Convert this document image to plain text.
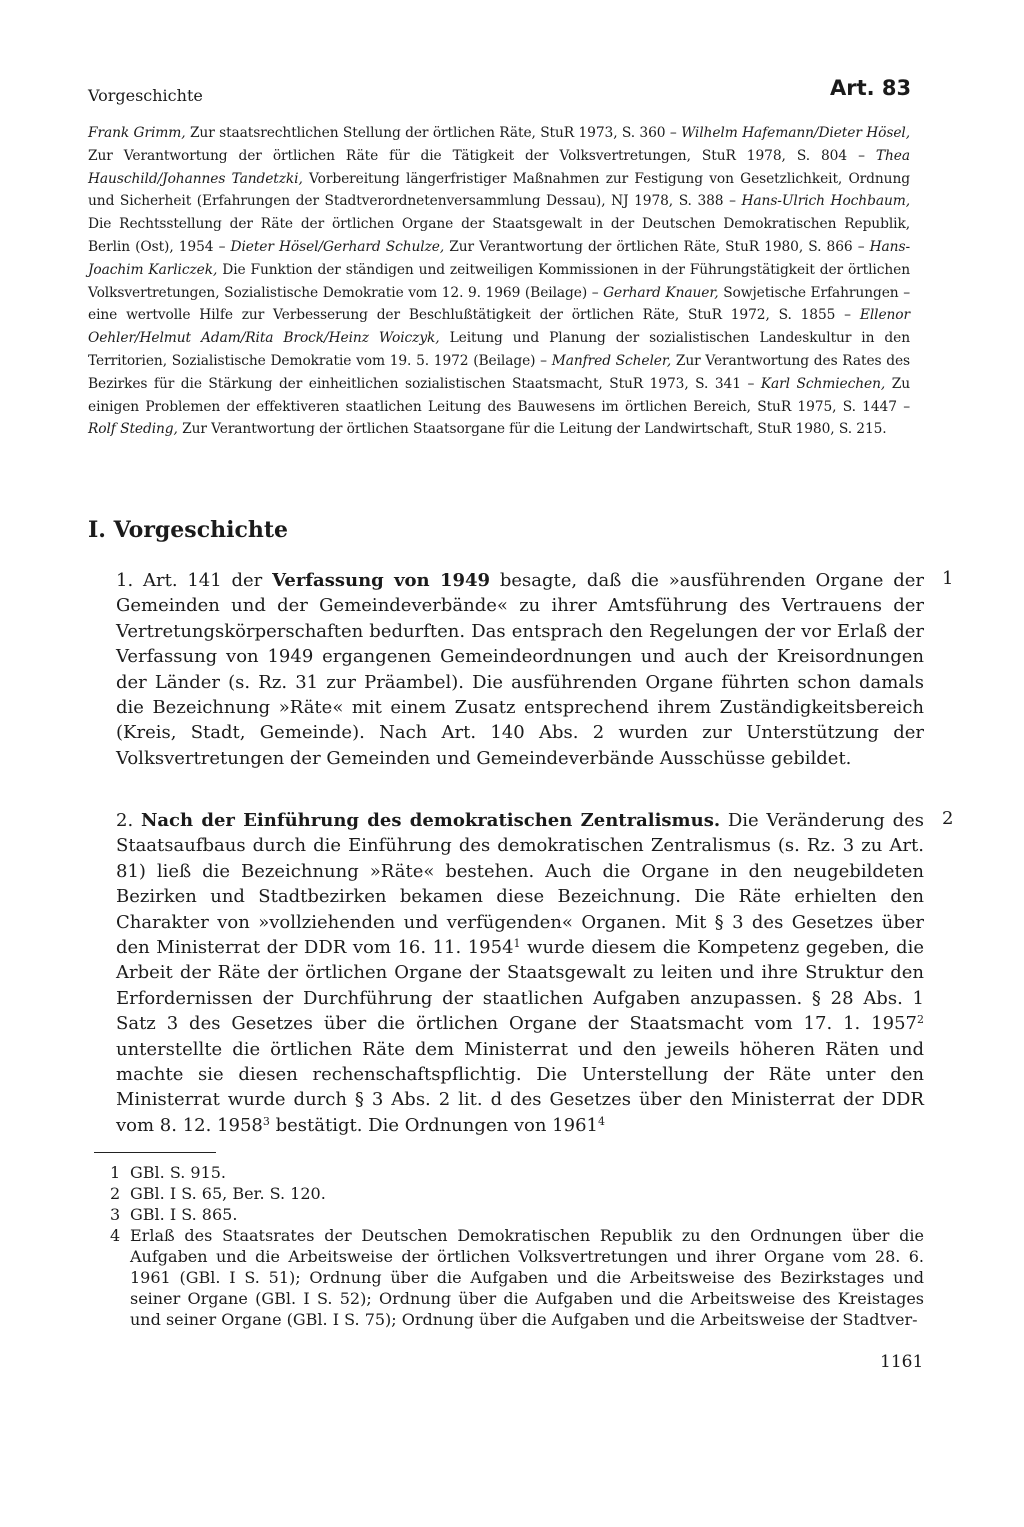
Vorgeschichte	Art. 83
Frank Grimm, Zur staatsrechtlichen Stellung der örtlichen Räte, StuR 1973, S. 360 – Wilhelm Hafemann/Dieter Hösel, Zur Verantwortung der örtlichen Räte für die Tätigkeit der Volksvertretungen, StuR 1978, S. 804 – Thea Hauschild/Johannes Tandetzki, Vorbereitung längerfristiger Maßnahmen zur Festigung von Gesetzlichkeit, Ordnung und Sicherheit (Erfahrungen der Stadtverordnetenversammlung Dessau), NJ 1978, S. 388 – Hans-Ulrich Hochbaum, Die Rechtsstellung der Räte der örtlichen Organe der Staatsgewalt in der Deutschen Demokratischen Republik, Berlin (Ost), 1954 – Dieter Hösel/Gerhard Schulze, Zur Verantwortung der örtlichen Räte, StuR 1980, S. 866 – Hans-Joachim Karliczek, Die Funktion der ständigen und zeitweiligen Kommissionen in der Führungstätigkeit der örtlichen Volksvertretungen, Sozialistische Demokratie vom 12. 9. 1969 (Beilage) – Gerhard Knauer, Sowjetische Erfahrungen – eine wertvolle Hilfe zur Verbesserung der Beschlußtätigkeit der örtlichen Räte, StuR 1972, S. 1855 – Ellenor Oehler/Helmut Adam/Rita Brock/Heinz Woiczyk, Leitung und Planung der sozialistischen Landeskultur in den Territorien, Sozialistische Demokratie vom 19. 5. 1972 (Beilage) – Manfred Scheler, Zur Verantwortung des Rates des Bezirkes für die Stärkung der einheitlichen sozialistischen Staatsmacht, StuR 1973, S. 341 – Karl Schmiechen, Zu einigen Problemen der effektiveren staatlichen Leitung des Bauwesens im örtlichen Bereich, StuR 1975, S. 1447 – Rolf Steding, Zur Verantwortung der örtlichen Staatsorgane für die Leitung der Landwirtschaft, StuR 1980, S. 215.
I. Vorgeschichte
1. Art. 141 der Verfassung von 1949 besagte, daß die »ausführenden Organe der Gemeinden und der Gemeindeverbände« zu ihrer Amtsführung des Vertrauens der Vertretungskörperschaften bedurften. Das entsprach den Regelungen der vor Erlaß der Verfassung von 1949 ergangenen Gemeindeordnungen und auch der Kreisordnungen der Länder (s. Rz. 31 zur Präambel). Die ausführenden Organe führten schon damals die Bezeichnung »Räte« mit einem Zusatz entsprechend ihrem Zuständigkeitsbereich (Kreis, Stadt, Gemeinde). Nach Art. 140 Abs. 2 wurden zur Unterstützung der Volksvertretungen der Gemeinden und Gemeindeverbände Ausschüsse gebildet.
1
2. Nach der Einführung des demokratischen Zentralismus. Die Veränderung des Staatsaufbaus durch die Einführung des demokratischen Zentralismus (s. Rz. 3 zu Art. 81) ließ die Bezeichnung »Räte« bestehen. Auch die Organe in den neugebildeten Bezirken und Stadtbezirken bekamen diese Bezeichnung. Die Räte erhielten den Charakter von »vollziehenden und verfügenden« Organen. Mit § 3 des Gesetzes über den Ministerrat der DDR vom 16. 11. 1954$^1$ wurde diesem die Kompetenz gegeben, die Arbeit der Räte der örtlichen Organe der Staatsgewalt zu leiten und ihre Struktur den Erfordernissen der Durchführung der staatlichen Aufgaben anzupassen. § 28 Abs. 1 Satz 3 des Gesetzes über die örtlichen Organe der Staatsmacht vom 17. 1. 1957$^2$ unterstellte die örtlichen Räte dem Ministerrat und den jeweils höheren Räten und machte sie diesen rechenschaftspflichtig. Die Unterstellung der Räte unter den Ministerrat wurde durch § 3 Abs. 2 lit. d des Gesetzes über den Ministerrat der DDR vom 8. 12. 1958$^3$ bestätigt. Die Ordnungen von 1961$^4$
2
1 GBl. S. 915.
2 GBl. I S. 65, Ber. S. 120.
3 GBl. I S. 865.
4 Erlaß des Staatsrates der Deutschen Demokratischen Republik zu den Ordnungen über die Aufgaben und die Arbeitsweise der örtlichen Volksvertretungen und ihrer Organe vom 28. 6. 1961 (GBl. I S. 51); Ordnung über die Aufgaben und die Arbeitsweise des Bezirkstages und seiner Organe (GBl. I S. 52); Ordnung über die Aufgaben und die Arbeitsweise des Kreistages und seiner Organe (GBl. I S. 75); Ordnung über die Aufgaben und die Arbeitsweise der Stadtver-
1161
